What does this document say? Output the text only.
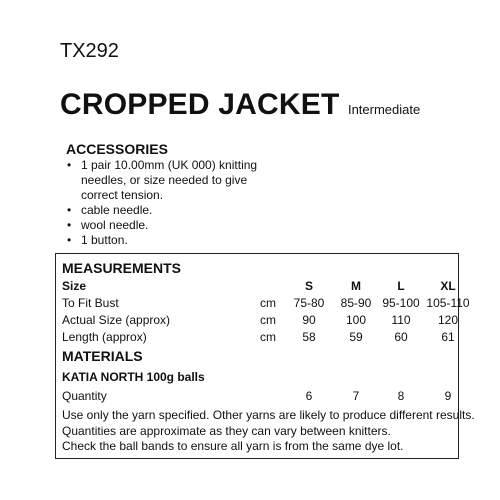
TX292
CROPPED JACKET Intermediate
ACCESSORIES
• 1 pair 10.00mm (UK 000) knitting needles, or size needed to give correct tension.
• cable needle.
• wool needle.
• 1 button.
MEASUREMENTS
Size	S	M	L	XL
To Fit Bust	cm	75-80	85-90 95-100 105-110
Actual Size (approx)	cm	90	100	110	120
Length (approx)	cm	58	59	60	61
MATERIALS
KATIA NORTH 100g balls
Quantity	6	7	8	9
Use only the yarn specified. Other yarns are likely to produce different results.
Quantities are approximate as they can vary between knitters.
Check the ball bands to ensure all yarn is from the same dye lot.
